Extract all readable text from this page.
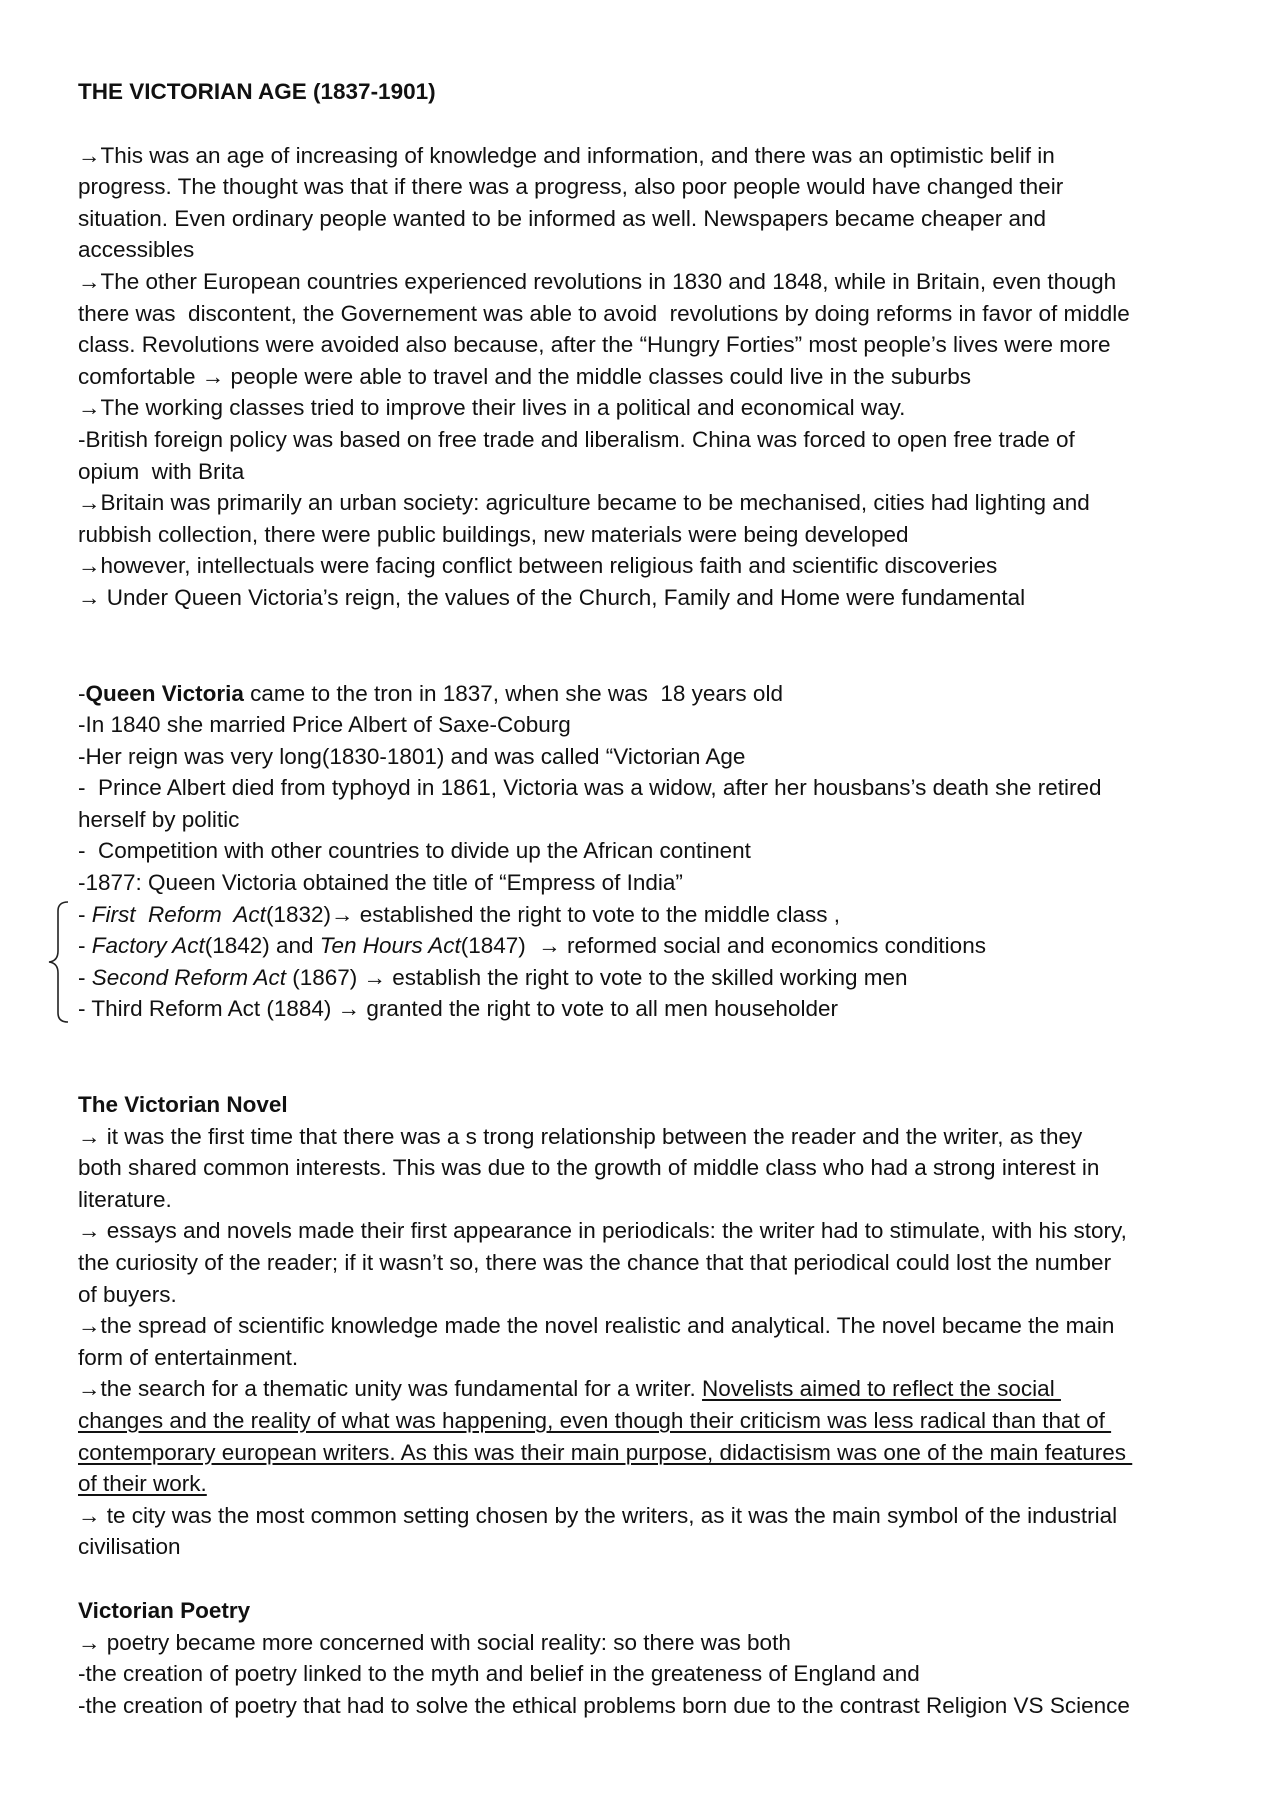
THE VICTORIAN AGE (1837-1901)
→This was an age of increasing of knowledge and information, and there was an optimistic belif in
progress. The thought was that if there was a progress, also poor people would have changed their
situation. Even ordinary people wanted to be informed as well. Newspapers became cheaper and
accessibles
→The other European countries experienced revolutions in 1830 and 1848, while in Britain, even though
there was  discontent, the Governement was able to avoid  revolutions by doing reforms in favor of middle
class. Revolutions were avoided also because, after the “Hungry Forties” most people’s lives were more
comfortable → people were able to travel and the middle classes could live in the suburbs
→The working classes tried to improve their lives in a political and economical way.
-British foreign policy was based on free trade and liberalism. China was forced to open free trade of
opium  with Brita
→Britain was primarily an urban society: agriculture became to be mechanised, cities had lighting and
rubbish collection, there were public buildings, new materials were being developed
→however, intellectuals were facing conflict between religious faith and scientific discoveries
→ Under Queen Victoria’s reign, the values of the Church, Family and Home were fundamental
-Queen Victoria came to the tron in 1837, when she was  18 years old
-In 1840 she married Price Albert of Saxe-Coburg
-Her reign was very long(1830-1801) and was called “Victorian Age
-  Prince Albert died from typhoyd in 1861, Victoria was a widow, after her housbans’s death she retired
herself by politic
-  Competition with other countries to divide up the African continent
-1877: Queen Victoria obtained the title of “Empress of India”
- First  Reform  Act(1832)→ established the right to vote to the middle class ,
- Factory Act(1842) and Ten Hours Act(1847)  → reformed social and economics conditions
- Second Reform Act (1867) → establish the right to vote to the skilled working men
- Third Reform Act (1884) → granted the right to vote to all men householder
The Victorian Novel
→ it was the first time that there was a s trong relationship between the reader and the writer, as they
both shared common interests. This was due to the growth of middle class who had a strong interest in
literature.
→ essays and novels made their first appearance in periodicals: the writer had to stimulate, with his story,
the curiosity of the reader; if it wasn’t so, there was the chance that that periodical could lost the number
of buyers.
→the spread of scientific knowledge made the novel realistic and analytical. The novel became the main
form of entertainment.
→the search for a thematic unity was fundamental for a writer. Novelists aimed to reflect the social
changes and the reality of what was happening, even though their criticism was less radical than that of
contemporary european writers. As this was their main purpose, didactisism was one of the main features
of their work.
→ te city was the most common setting chosen by the writers, as it was the main symbol of the industrial
civilisation
Victorian Poetry
→ poetry became more concerned with social reality: so there was both
-the creation of poetry linked to the myth and belief in the greateness of England and
-the creation of poetry that had to solve the ethical problems born due to the contrast Religion VS Science
